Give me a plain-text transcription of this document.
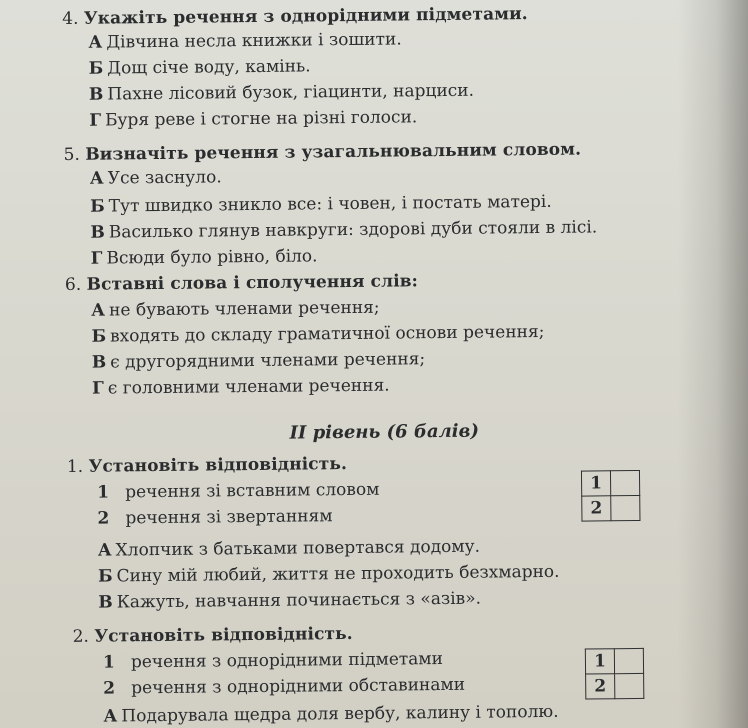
4. Укажіть речення з однорідними підметами.
А Дівчина несла книжки і зошити.
Б Дощ січе воду, камінь.
В Пахне лісовий бузок, гіацинти, нарциси.
Г Буря реве і стогне на різні голоси.
5. Визначіть речення з узагальнювальним словом.
А Усе заснуло.
Б Тут швидко зникло все: і човен, і постать матері.
В Василько глянув навкруги: здорові дуби стояли в лісі.
Г Всюди було рівно, біло.
6. Вставні слова і сполучення слів:
А не бувають членами речення;
Б входять до складу граматичної основи речення;
В є другорядними членами речення;
Г є головними членами речення.
II рівень (6 балів)
1. Установіть відповідність.
1 речення зі вставним словом
2 речення зі звертанням
1	
2	
А Хлопчик з батьками повертався додому.
Б Сину мій любий, життя не проходить безхмарно.
В Кажуть, навчання починається з «азів».
2. Установіть відповідність.
1 речення з однорідними підметами
2 речення з однорідними обставинами
1	
2	
А Подарувала щедра доля вербу, калину і тополю.
